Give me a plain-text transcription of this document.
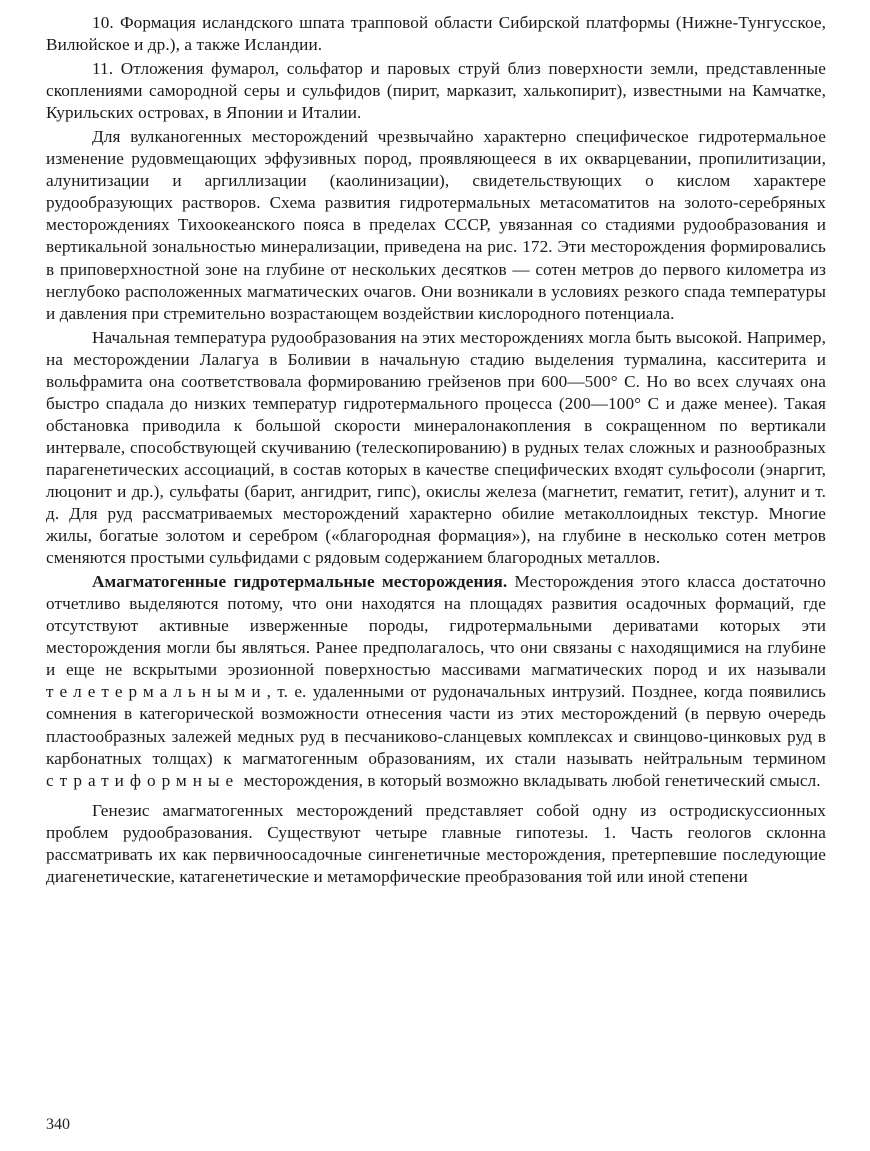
10. Формация исландского шпата трапповой области Сибирской платформы (Нижне-Тунгусское, Вилюйское и др.), а также Исландии.

11. Отложения фумарол, сольфатор и паровых струй близ поверхности земли, представленные скоплениями самородной серы и сульфидов (пирит, марказит, халькопирит), известными на Камчатке, Курильских островах, в Японии и Италии.

Для вулканогенных месторождений чрезвычайно характерно специфическое гидротермальное изменение рудовмещающих эффузивных пород, проявляющееся в их окварцевании, пропилитизации, алунитизации и аргиллизации (каолинизации), свидетельствующих о кислом характере рудообразующих растворов. Схема развития гидротермальных метасоматитов на золото-серебряных месторождениях Тихоокеанского пояса в пределах СССР, увязанная со стадиями рудообразования и вертикальной зональностью минерализации, приведена на рис. 172. Эти месторождения формировались в приповерхностной зоне на глубине от нескольких десятков — сотен метров до первого километра из неглубоко расположенных магматических очагов. Они возникали в условиях резкого спада температуры и давления при стремительно возрастающем воздействии кислородного потенциала.

Начальная температура рудообразования на этих месторождениях могла быть высокой. Например, на месторождении Лалагуа в Боливии в начальную стадию выделения турмалина, касситерита и вольфрамита она соответствовала формированию грейзенов при 600—500° С. Но во всех случаях она быстро спадала до низких температур гидротермального процесса (200—100° С и даже менее). Такая обстановка приводила к большой скорости минералонакопления в сокращенном по вертикали интервале, способствующей скучиванию (телескопированию) в рудных телах сложных и разнообразных парагенетических ассоциаций, в состав которых в качестве специфических входят сульфосоли (энаргит, люцонит и др.), сульфаты (барит, ангидрит, гипс), окислы железа (магнетит, гематит, гетит), алунит и т. д. Для руд рассматриваемых месторождений характерно обилие метаколлоидных текстур. Многие жилы, богатые золотом и серебром («благородная формация»), на глубине в несколько сотен метров сменяются простыми сульфидами с рядовым содержанием благородных металлов.

Амагматогенные гидротермальные месторождения. Месторождения этого класса достаточно отчетливо выделяются потому, что они находятся на площадях развития осадочных формаций, где отсутствуют активные изверженные породы, гидротермальными дериватами которых эти месторождения могли бы являться. Ранее предполагалось, что они связаны с находящимися на глубине и еще не вскрытыми эрозионной поверхностью массивами магматических пород и их называли телетермальными, т. е. удаленными от рудоначальных интрузий. Позднее, когда появились сомнения в категорической возможности отнесения части из этих месторождений (в первую очередь пластообразных залежей медных руд в песчаниково-сланцевых комплексах и свинцово-цинковых руд в карбонатных толщах) к магматогенным образованиям, их стали называть нейтральным термином стратиформные месторождения, в который возможно вкладывать любой генетический смысл.

Генезис амагматогенных месторождений представляет собой одну из остродискуссионных проблем рудообразования. Существуют четыре главные гипотезы. 1. Часть геологов склонна рассматривать их как первичноосадочные сингенетичные месторождения, претерпевшие последующие диагенетические, катагенетические и метаморфические преобразования той или иной степени

340
